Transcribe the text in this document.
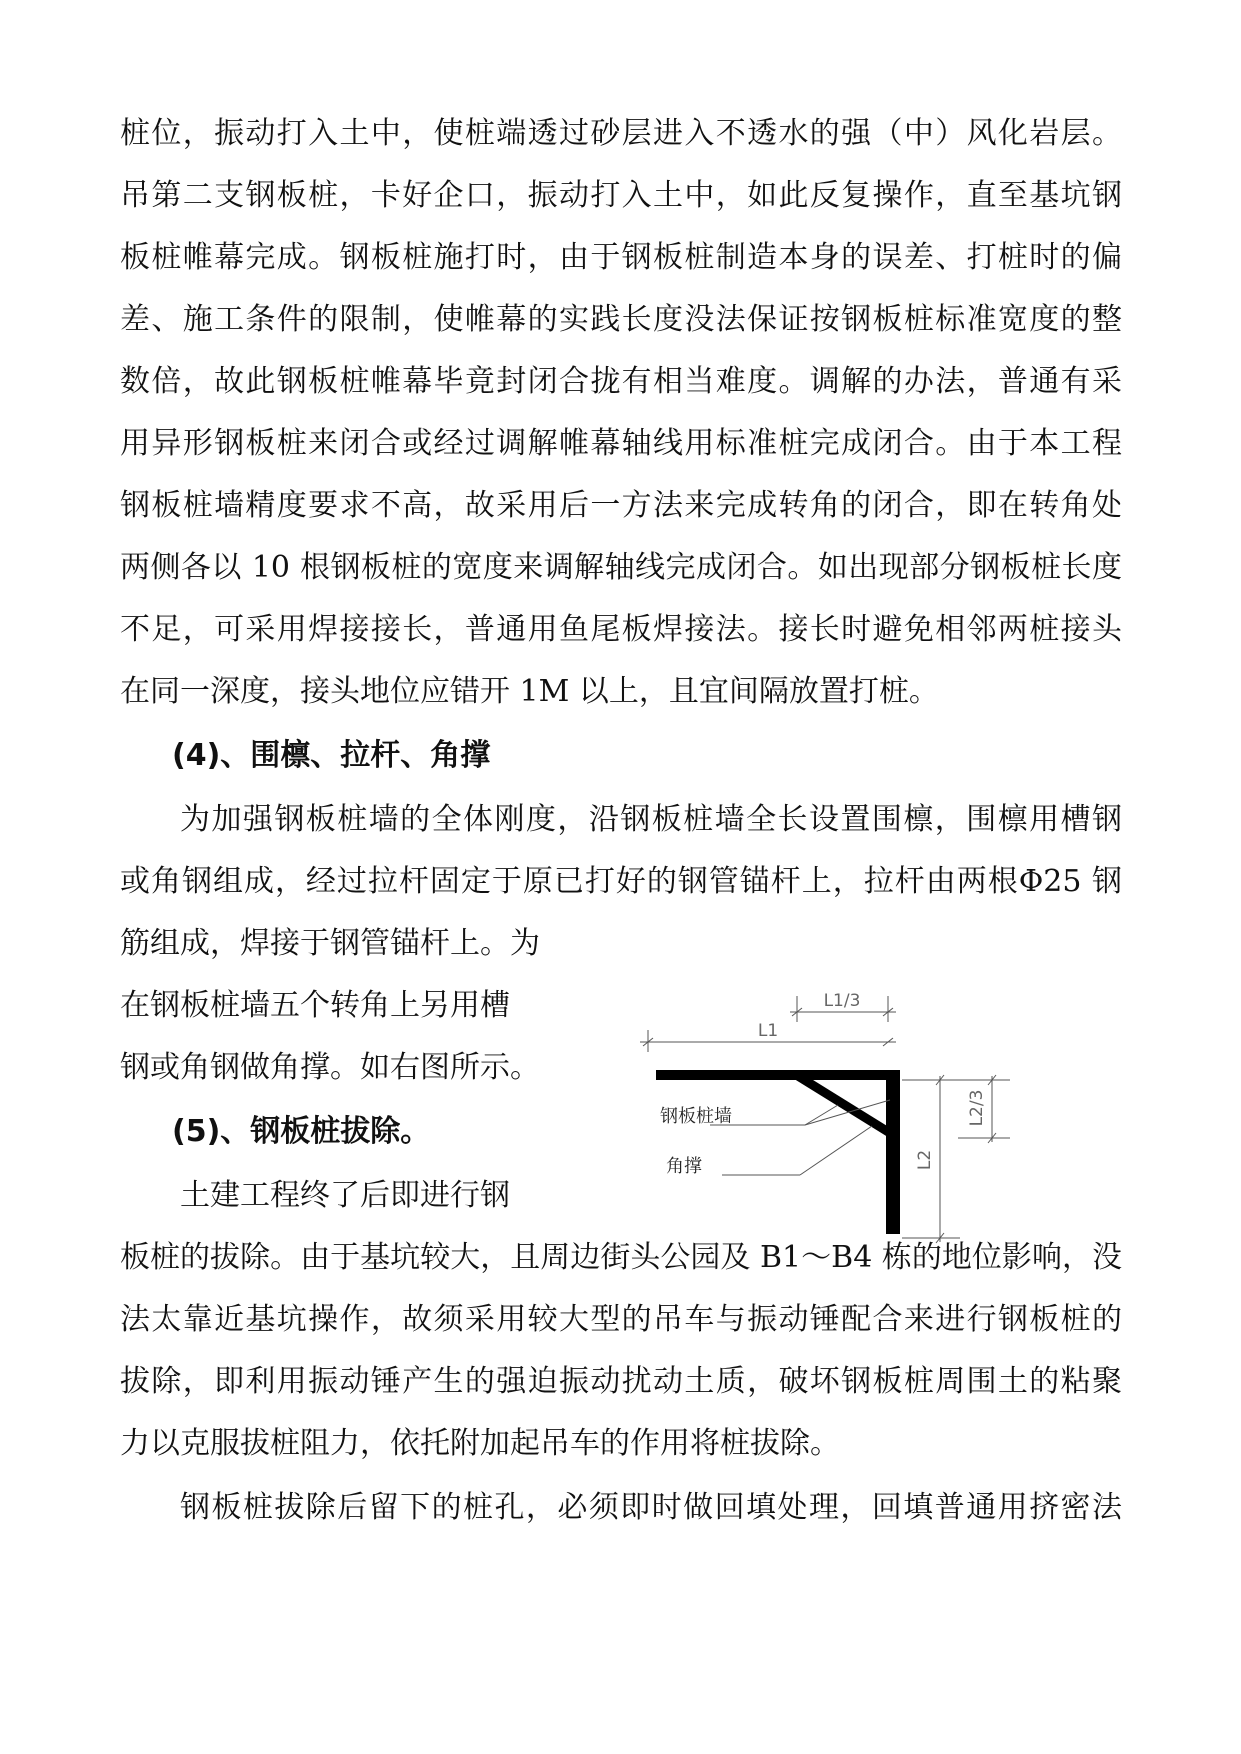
桩位，振动打入土中，使桩端透过砂层进入不透水的强（中）风化岩层。
吊第二支钢板桩，卡好企口，振动打入土中，如此反复操作，直至基坑钢
板桩帷幕完成。钢板桩施打时，由于钢板桩制造本身的误差、打桩时的偏
差、施工条件的限制，使帷幕的实践长度没法保证按钢板桩标准宽度的整
数倍，故此钢板桩帷幕毕竟封闭合拢有相当难度。调解的办法，普通有采
用异形钢板桩来闭合或经过调解帷幕轴线用标准桩完成闭合。由于本工程
钢板桩墙精度要求不高，故采用后一方法来完成转角的闭合，即在转角处
两侧各以 10 根钢板桩的宽度来调解轴线完成闭合。如出现部分钢板桩长度
不足，可采用焊接接长，普通用鱼尾板焊接法。接长时避免相邻两桩接头
在同一深度，接头地位应错开 1M 以上，且宜间隔放置打桩。
(4)、围檩、拉杆、角撑
为加强钢板桩墙的全体刚度，沿钢板桩墙全长设置围檩，围檩用槽钢
或角钢组成，经过拉杆固定于原已打好的钢管锚杆上，拉杆由两根Φ25 钢
筋组成，焊接于钢管锚杆上。为
在钢板桩墙五个转角上另用槽
钢或角钢做角撑。如右图所示。
(5)、钢板桩拔除。
土建工程终了后即进行钢
板桩的拔除。由于基坑较大，且周边街头公园及 B1～B4 栋的地位影响，没
法太靠近基坑操作，故须采用较大型的吊车与振动锤配合来进行钢板桩的
拔除，即利用振动锤产生的强迫振动扰动土质，破坏钢板桩周围土的粘聚
力以克服拔桩阻力，依托附加起吊车的作用将桩拔除。
钢板桩拔除后留下的桩孔，必须即时做回填处理，回填普通用挤密法
L1/3
L1
L2
L2/3
钢板桩墙
角撑
